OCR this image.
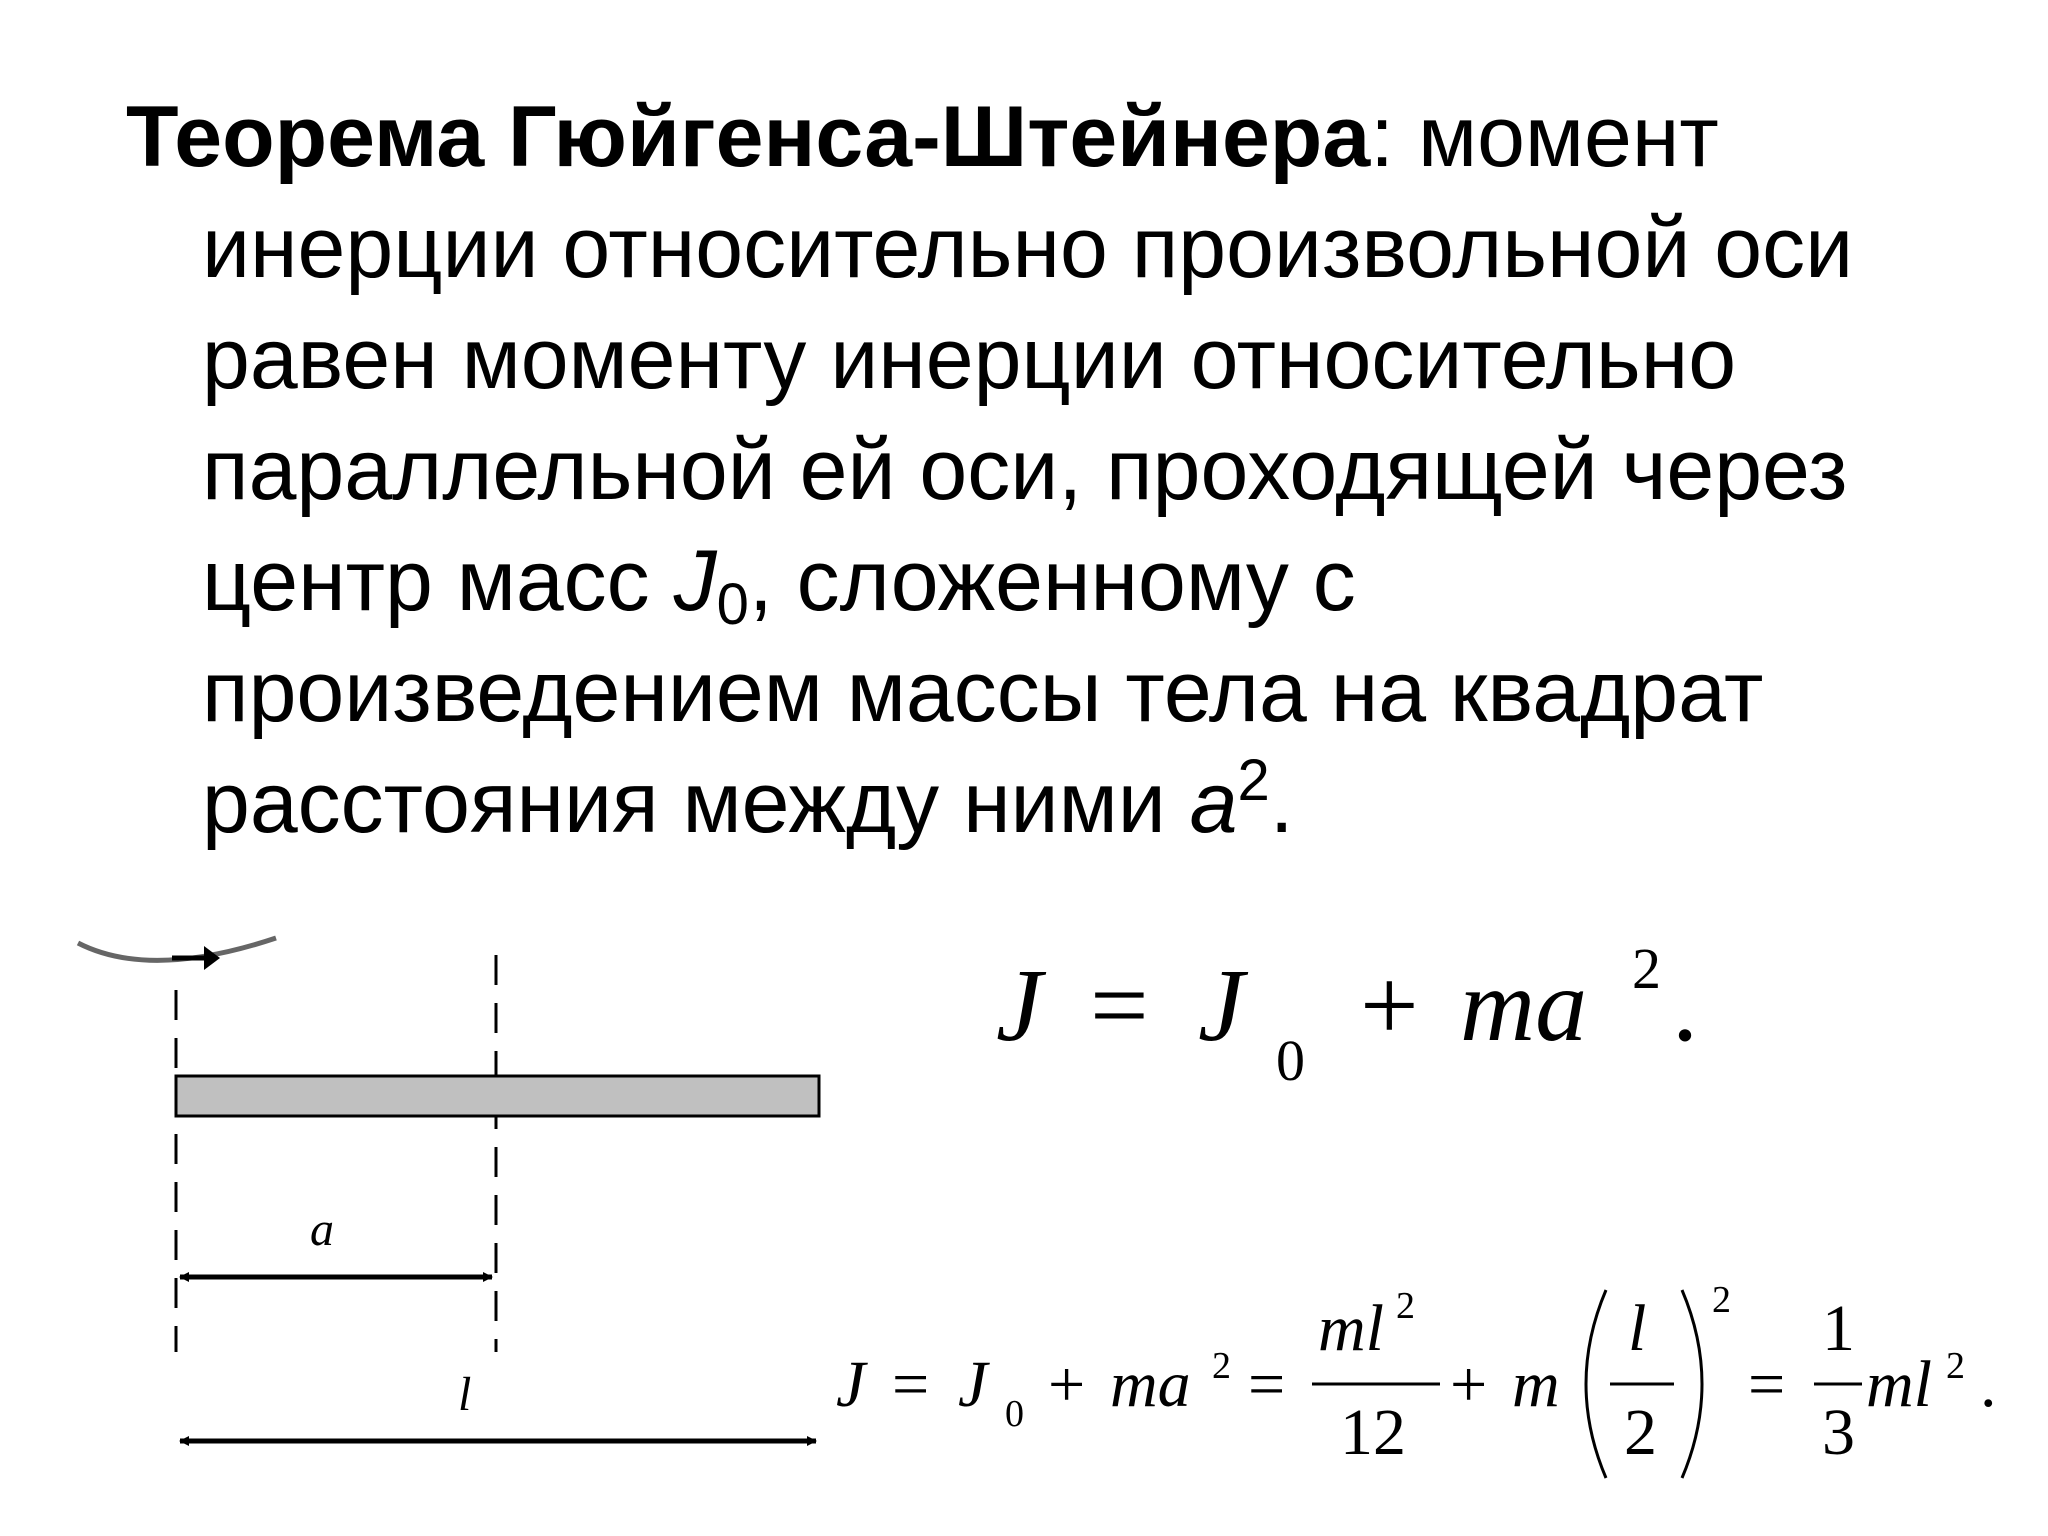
Теорема Гюйгенса-Штейнера: момент
инерции относительно произвольной оси
равен моменту инерции относительно
параллельной ей оси, проходящей через
центр масс $J_0$, сложенному с
произведением массы тела на квадрат
расстояния между ними $a^2$.
a
l
J = J 0 + ma 2 .
J = J 0 + ma 2 =
ml 2
12
+ m
l
2
2
=
1
3
ml 2 .
